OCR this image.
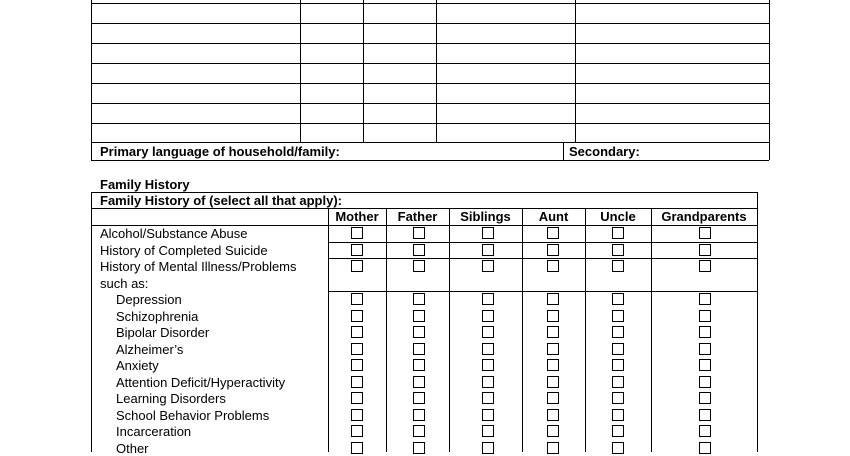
Primary language of household/family:	Secondary:
Family History
Family History of (select all that apply):
Mother	Father	Siblings	Aunt	Uncle	Grandparents
Alcohol/Substance Abuse
History of Completed Suicide
History of Mental Illness/Problems
such as:
Depression
Schizophrenia
Bipolar Disorder
Alzheimer’s
Anxiety
Attention Deficit/Hyperactivity
Learning Disorders
School Behavior Problems
Incarceration
Other
